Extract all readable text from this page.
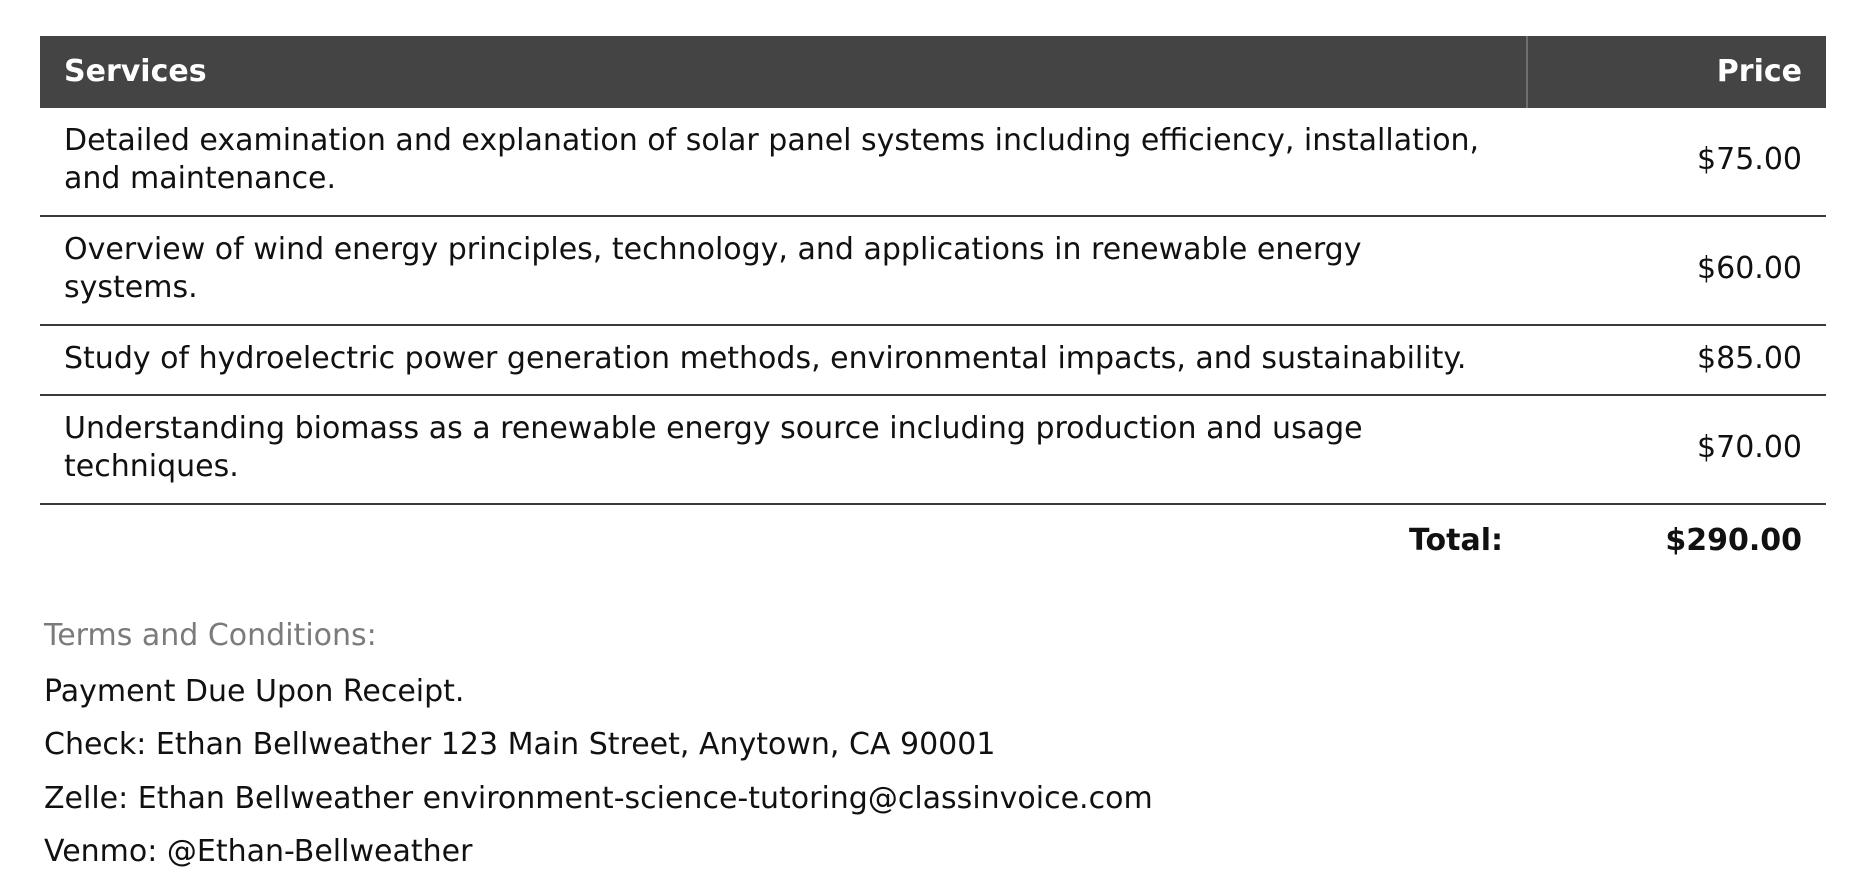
Services	Price
Detailed examination and explanation of solar panel systems including efficiency, installation, and maintenance.	$75.00
Overview of wind energy principles, technology, and applications in renewable energy systems.	$60.00
Study of hydroelectric power generation methods, environmental impacts, and sustainability.	$85.00
Understanding biomass as a renewable energy source including production and usage techniques.	$70.00
Total:	$290.00
Terms and Conditions:
Payment Due Upon Receipt.
Check: Ethan Bellweather 123 Main Street, Anytown, CA 90001
Zelle: Ethan Bellweather environment-science-tutoring@classinvoice.com
Venmo: @Ethan-Bellweather
